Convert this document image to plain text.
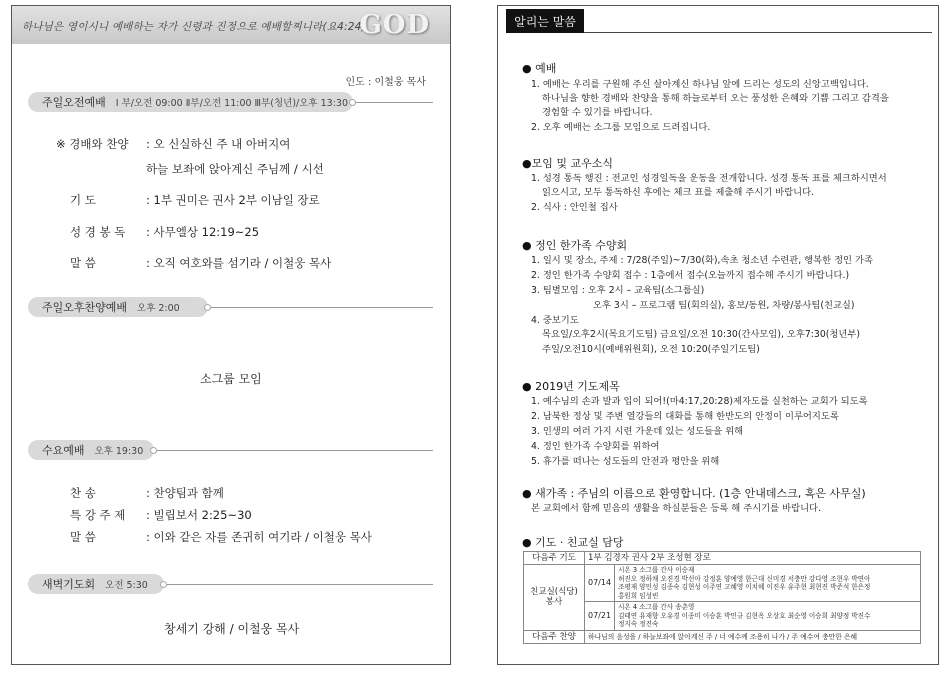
하나님은 영이시니 예배하는 자가 신령과 진정으로 예배할찌니라(요4:24)
GOD
인도 : 이철웅 목사
주일오전예배 I 부/오전 09:00 Ⅱ부/오전 11:00 Ⅲ부(청년)/오후 13:30
※ 경배와 찬양 : 오 신실하신 주 내 아버지여
하늘 보좌에 앉아계신 주님께 / 시선
기 도	: 1부 권미은 권사 2부 이남일 장로
성 경 봉 독 : 사무엘상 12:19~25
말 씀	: 오직 여호와를 섬기라 / 이철웅 목사
주일오후찬양예배 오후 2:00
소그룹 모임
수요예배 오후 19:30
찬 송	: 찬양팀과 함께
특 강 주 제 : 빌립보서 2:25~30
말 씀	: 이와 같은 자를 존귀히 여기라 / 이철웅 목사
새벽기도회 오전 5:30
창세기 강해 / 이철웅 목사
알리는 말씀
● 예배
1. 예배는 우리를 구원해 주신 살아계신 하나님 앞에 드리는 성도의 신앙고백입니다.
하나님을 향한 경배와 찬양을 통해 하늘로부터 오는 풍성한 은혜와 기쁨 그리고 감격을
경험할 수 있기를 바랍니다.
2. 오후 예배는 소그룹 모임으로 드려집니다.
●모임 및 교우소식
1. 성경 통독 행진 : 전교인 성경일독을 운동을 전개합니다. 성경 통독 표를 체크하시면서
읽으시고, 모두 통독하신 후에는 체크 표를 제출해 주시기 바랍니다.
2. 식사 : 안인철 집사
● 정인 한가족 수양회
1. 일시 및 장소, 주제 : 7/28(주일)~7/30(화),속초 청소년 수련관, 행복한 정인 가족
2. 정인 한가족 수양회 접수 : 1층에서 접수(오늘까지 접수해 주시기 바랍니다.)
3. 팀별모임 : 오후 2시 – 교육팀(소그룹실)
오후 3시 – 프로그램 팀(회의실), 홍보/동원, 차량/봉사팀(친교실)
4. 중보기도
목요일/오후2시(목요기도팀) 금요일/오전 10:30(간사모임), 오후7:30(청년부)
주일/오전10시(예배위원회), 오전 10:20(주일기도팀)
● 2019년 기도제목
1. 예수님의 손과 발과 입이 되어!(마4:17,20:28)제자도를 실천하는 교회가 되도록
2. 남북한 정상 및 주변 열강들의 대화를 통해 한반도의 안정이 이루어지도록
3. 인생의 여러 가지 시련 가운데 있는 성도들을 위해
4. 정인 한가족 수양회를 위하여
5. 휴가를 떠나는 성도들의 안전과 평안을 위해
● 새가족 : 주님의 이름으로 환영합니다. (1층 안내데스크, 혹은 사무실)
본 교회에서 함께 믿음의 생활을 하실분들은 등록 해 주시기를 바랍니다.
● 기도 · 친교실 담당
다음주 기도	1부 김경자 권사 2부 조성현 장로	
친교실(식당) 봉사	07/14	시온 3 소그룹 간사 이승재
허진오 정하채 오진경 박선아 강정훈 양예영 한근대 신미경 서충만 강다영 조현우 박연아
조평재 양인성 김종숙 김현성 이주연 고혜영 이치혜 이진우 유주현 최현진 박준석 한은정
홍원희 임성빈

	07/21	시온 4 소그룹 간사 송춘영
김태연 유재향 오유경 이종미 이승훈 박민규 김현옥 오상호 최순영 이승희 최양정 박진수
정지숙 정진숙

다음주 찬양	하나님의 음성을 / 하늘보좌에 앉아계신 주 / 너 예수께 조용히 나가 / 주 예수여 충만한 은혜	
